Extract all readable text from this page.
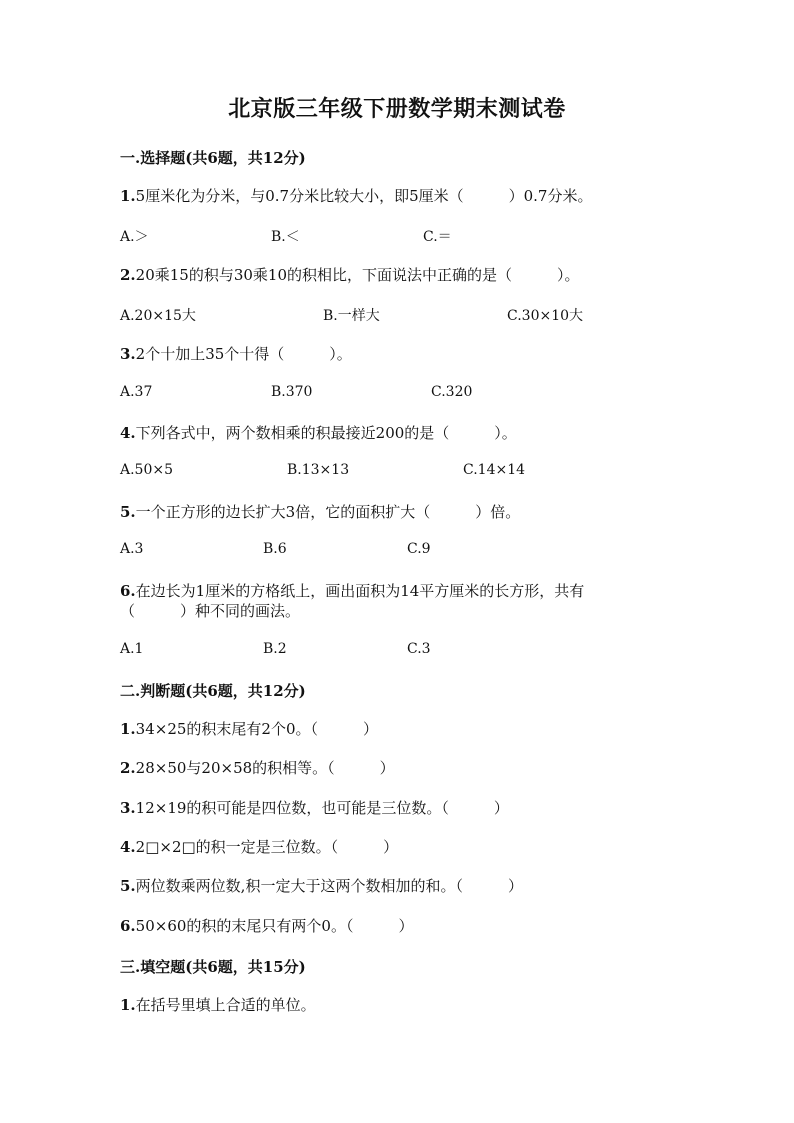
北京版三年级下册数学期末测试卷
一.选择题(共6题，共12分)
1.5厘米化为分米，与0.7分米比较大小，即5厘米（　　　）0.7分米。
A.＞	B.＜	C.＝
2.20乘15的积与30乘10的积相比，下面说法中正确的是（　　　）。
A.20×15大	B.一样大	C.30×10大
3.2个十加上35个十得（　　　）。
A.37	B.370	C.320
4.下列各式中，两个数相乘的积最接近200的是（　　　）。
A.50×5	B.13×13	C.14×14
5.一个正方形的边长扩大3倍，它的面积扩大（　　　）倍。
A.3	B.6	C.9
6.在边长为1厘米的方格纸上，画出面积为14平方厘米的长方形，共有（　　　）种不同的画法。
A.1	B.2	C.3
二.判断题(共6题，共12分)
1.34×25的积末尾有2个0。（　　　）
2.28×50与20×58的积相等。（　　　）
3.12×19的积可能是四位数，也可能是三位数。（　　　）
4.2□×2□的积一定是三位数。（　　　）
5.两位数乘两位数,积一定大于这两个数相加的和。（　　　）
6.50×60的积的末尾只有两个0。（　　　）
三.填空题(共6题，共15分)
1.在括号里填上合适的单位。
